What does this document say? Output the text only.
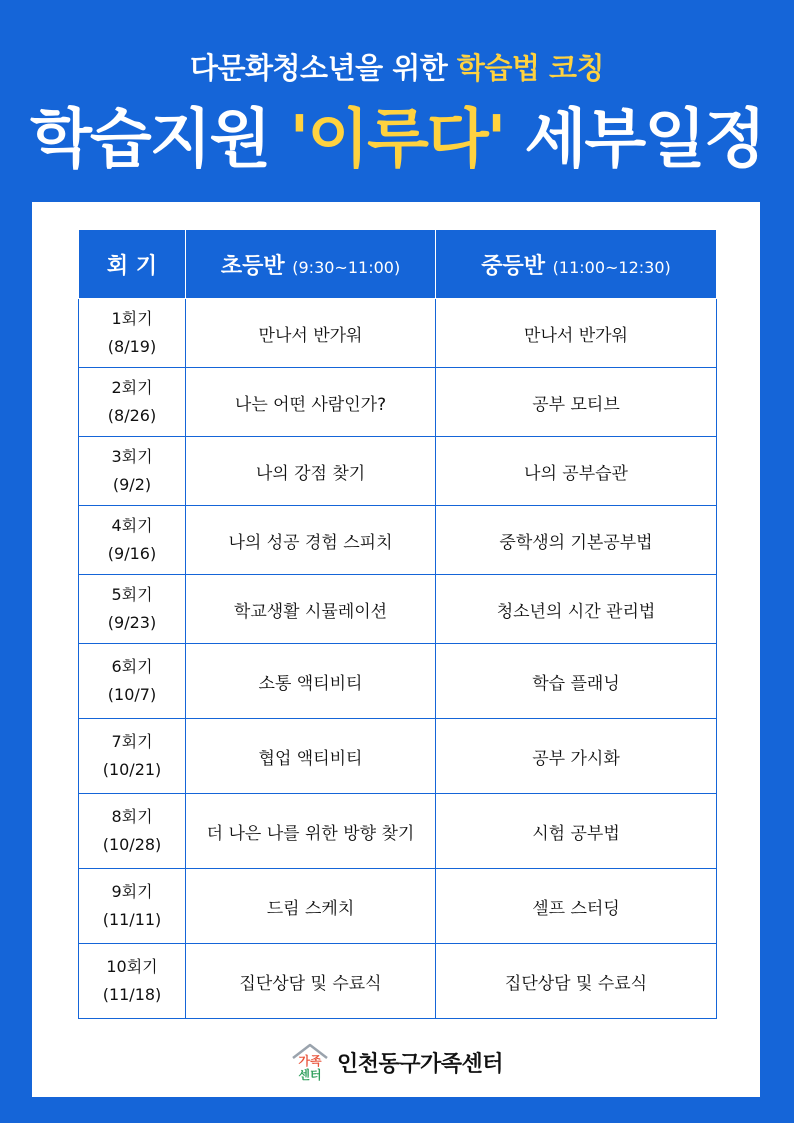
다문화청소년을 위한 학습법 코칭
학습지원 '이루다' 세부일정
회 기	초등반 (9:30~11:00)	중등반 (11:00~12:30)
1회기
(8/19)	만나서 반가워	만나서 반가워
2회기
(8/26)	나는 어떤 사람인가?	공부 모티브
3회기
(9/2)	나의 강점 찾기	나의 공부습관
4회기
(9/16)	나의 성공 경험 스피치	중학생의 기본공부법
5회기
(9/23)	학교생활 시뮬레이션	청소년의 시간 관리법
6회기
(10/7)	소통 액티비티	학습 플래닝
7회기
(10/21)	협업 액티비티	공부 가시화
8회기
(10/28)	더 나은 나를 위한 방향 찾기	시험 공부법
9회기
(11/11)	드림 스케치	셀프 스터딩
10회기
(11/18)	집단상담 및 수료식	집단상담 및 수료식
가족
센터 인천동구가족센터
